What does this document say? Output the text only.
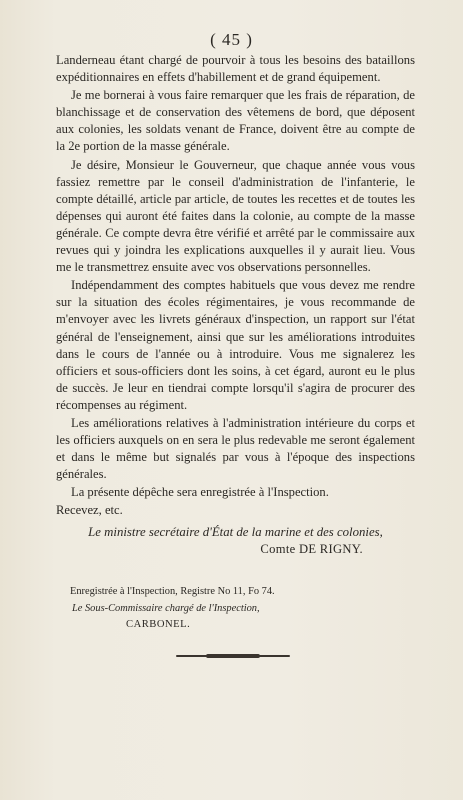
( 45 )

Landerneau étant chargé de pourvoir à tous les besoins des bataillons expéditionnaires en effets d'habillement et de grand équipement.

Je me bornerai à vous faire remarquer que les frais de réparation, de blanchissage et de conservation des vêtemens de bord, que déposent aux colonies, les soldats venant de France, doivent être au compte de la 2e portion de la masse générale.

Je désire, Monsieur le Gouverneur, que chaque année vous vous fassiez remettre par le conseil d'administration de l'infanterie, le compte détaillé, article par article, de toutes les recettes et de toutes les dépenses qui auront été faites dans la colonie, au compte de la masse générale. Ce compte devra être vérifié et arrêté par le commissaire aux revues qui y joindra les explications auxquelles il y aurait lieu. Vous me le transmettrez ensuite avec vos observations personnelles.

Indépendamment des comptes habituels que vous devez me rendre sur la situation des écoles régimentaires, je vous recommande de m'envoyer avec les livrets généraux d'inspection, un rapport sur l'état général de l'enseignement, ainsi que sur les améliorations introduites dans le cours de l'année ou à introduire. Vous me signalerez les officiers et sous-officiers dont les soins, à cet égard, auront eu le plus de succès. Je leur en tiendrai compte lorsqu'il s'agira de procurer des récompenses au régiment.

Les améliorations relatives à l'administration intérieure du corps et les officiers auxquels on en sera le plus redevable me seront également et dans le même but signalés par vous à l'époque des inspections générales.

La présente dépêche sera enregistrée à l'Inspection.

Recevez, etc.

Le ministre secrétaire d'État de la marine et des colonies,
Comte DE RIGNY.
Enregistrée à l'Inspection, Registre No 11, Fo 74.
Le Sous-Commissaire chargé de l'Inspection,
CARBONEL.
